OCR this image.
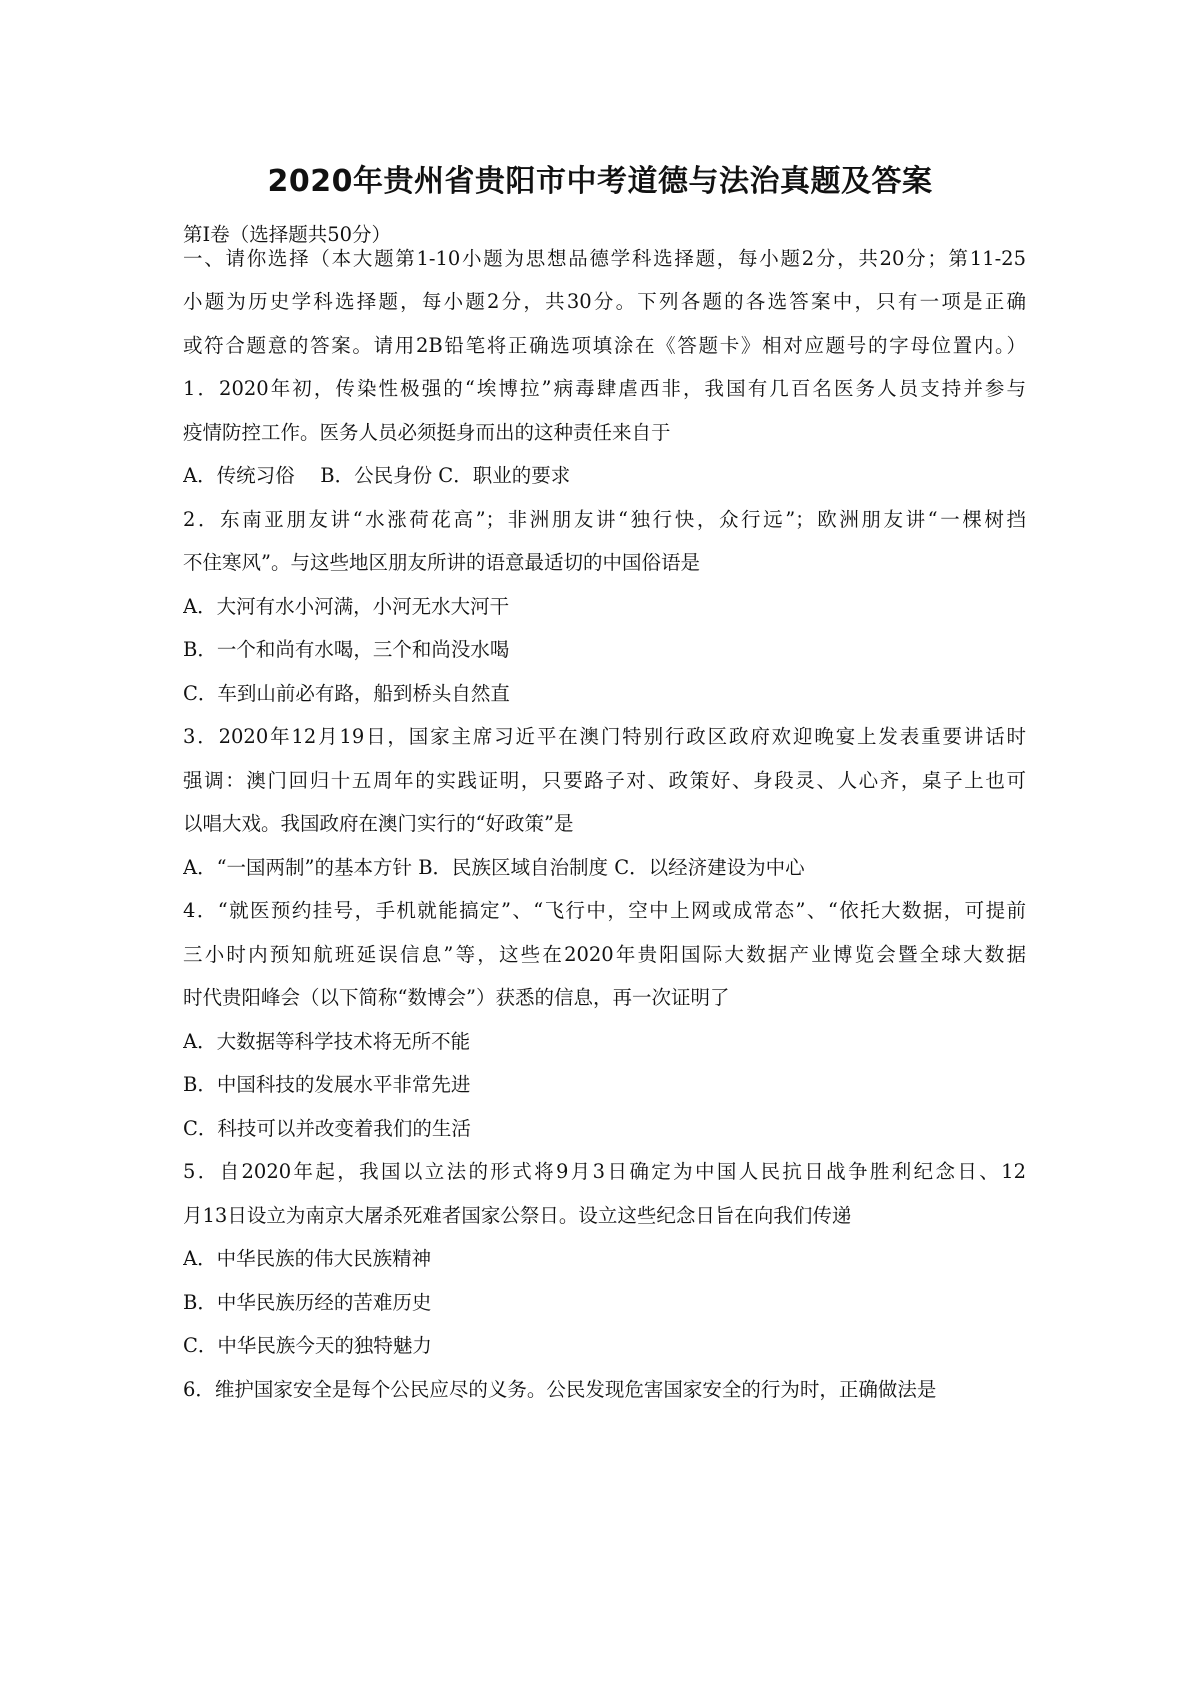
2020年贵州省贵阳市中考道德与法治真题及答案
第Ⅰ卷（选择题共50分）
一、请你选择（本大题第1-10小题为思想品德学科选择题，每小题2分，共20分；第11-25
小题为历史学科选择题，每小题2分，共30分。下列各题的各选答案中，只有一项是正确
或符合题意的答案。请用2B铅笔将正确选项填涂在《答题卡》相对应题号的字母位置内。）
1．2020年初，传染性极强的“埃博拉”病毒肆虐西非，我国有几百名医务人员支持并参与
疫情防控工作。医务人员必须挺身而出的这种责任来自于
A．传统习俗　 B．公民身份 C．职业的要求
2．东南亚朋友讲“水涨荷花高”；非洲朋友讲“独行快，众行远”；欧洲朋友讲“一棵树挡
不住寒风”。与这些地区朋友所讲的语意最适切的中国俗语是
A．大河有水小河满，小河无水大河干
B．一个和尚有水喝，三个和尚没水喝
C．车到山前必有路，船到桥头自然直
3．2020年12月19日，国家主席习近平在澳门特别行政区政府欢迎晚宴上发表重要讲话时
强调：澳门回归十五周年的实践证明，只要路子对、政策好、身段灵、人心齐，桌子上也可
以唱大戏。我国政府在澳门实行的“好政策”是
A．“一国两制”的基本方针 B．民族区域自治制度 C．以经济建设为中心
4．“就医预约挂号，手机就能搞定”、“飞行中，空中上网或成常态”、“依托大数据，可提前
三小时内预知航班延误信息”等，这些在2020年贵阳国际大数据产业博览会暨全球大数据
时代贵阳峰会（以下简称“数博会”）获悉的信息，再一次证明了
A．大数据等科学技术将无所不能
B．中国科技的发展水平非常先进
C．科技可以并改变着我们的生活
5．自2020年起，我国以立法的形式将9月3日确定为中国人民抗日战争胜利纪念日、12
月13日设立为南京大屠杀死难者国家公祭日。设立这些纪念日旨在向我们传递
A．中华民族的伟大民族精神
B．中华民族历经的苦难历史
C．中华民族今天的独特魅力
6．维护国家安全是每个公民应尽的义务。公民发现危害国家安全的行为时，正确做法是
